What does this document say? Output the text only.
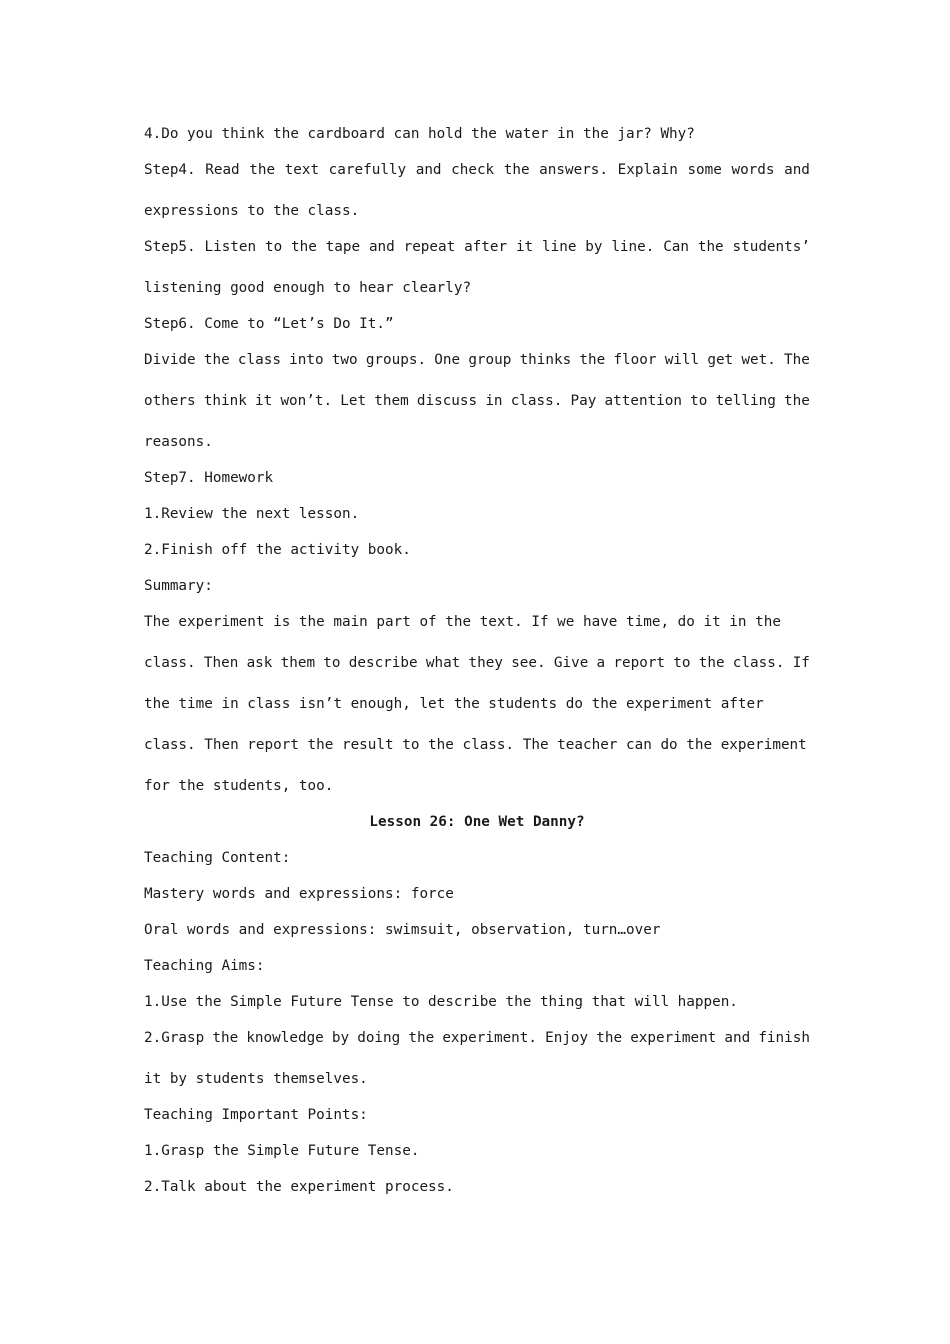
4.Do you think the cardboard can hold the water in the jar? Why?

Step4. Read the text carefully and check the answers. Explain some words and

expressions to the class.

Step5. Listen to the tape and repeat after it line by line. Can the students’

listening good enough to hear clearly?

Step6. Come to “Let’s Do It.”

Divide the class into two groups. One group thinks the floor will get wet. The

others think it won’t. Let them discuss in class. Pay attention to telling the

reasons.

Step7. Homework

1.Review the next lesson.

2.Finish off the activity book.

Summary:

The experiment is the main part of the text. If we have time, do it in the

class. Then ask them to describe what they see. Give a report to the class. If

the time in class isn’t enough, let the students do the experiment after

class. Then report the result to the class. The teacher can do the experiment

for the students, too.

Lesson 26: One Wet Danny?

Teaching Content:

Mastery words and expressions: force

Oral words and expressions: swimsuit, observation, turn…over

Teaching Aims:

1.Use the Simple Future Tense to describe the thing that will happen.

2.Grasp the knowledge by doing the experiment. Enjoy the experiment and finish

it by students themselves.

Teaching Important Points:

1.Grasp the Simple Future Tense.

2.Talk about the experiment process.
